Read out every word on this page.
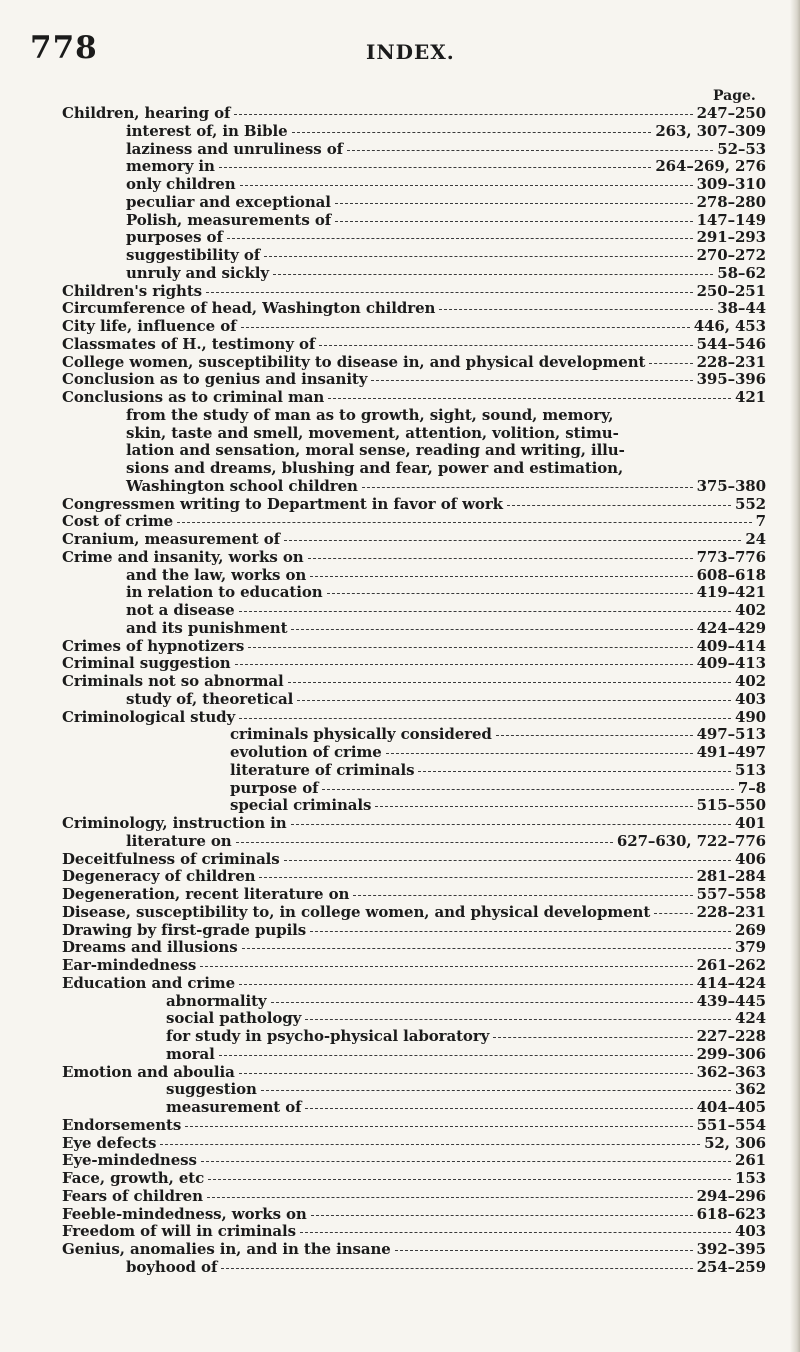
778	INDEX.
Page.
Children, hearing of	247–250
interest of, in Bible	263, 307–309
laziness and unruliness of	52–53
memory in	264–269, 276
only children	309–310
peculiar and exceptional	278–280
Polish, measurements of	147–149
purposes of	291–293
suggestibility of	270–272
unruly and sickly	58–62
Children's rights	250–251
Circumference of head, Washington children	38–44
City life, influence of	446, 453
Classmates of H., testimony of	544–546
College women, susceptibility to disease in, and physical development	228–231
Conclusion as to genius and insanity	395–396
Conclusions as to criminal man	421
from the study of man as to growth, sight, sound, memory,
skin, taste and smell, movement, attention, volition, stimu-
lation and sensation, moral sense, reading and writing, illu-
sions and dreams, blushing and fear, power and estimation,
Washington school children	375–380
Congressmen writing to Department in favor of work	552
Cost of crime	7
Cranium, measurement of	24
Crime and insanity, works on	773–776
and the law, works on	608–618
in relation to education	419–421
not a disease	402
and its punishment	424–429
Crimes of hypnotizers	409–414
Criminal suggestion	409–413
Criminals not so abnormal	402
study of, theoretical	403
Criminological study	490
criminals physically considered	497–513
evolution of crime	491–497
literature of criminals	513
purpose of	7–8
special criminals	515–550
Criminology, instruction in	401
literature on	627–630, 722–776
Deceitfulness of criminals	406
Degeneracy of children	281–284
Degeneration, recent literature on	557–558
Disease, susceptibility to, in college women, and physical development	228–231
Drawing by first-grade pupils	269
Dreams and illusions	379
Ear-mindedness	261–262
Education and crime	414–424
abnormality	439–445
social pathology	424
for study in psycho-physical laboratory	227–228
moral	299–306
Emotion and aboulia	362–363
suggestion	362
measurement of	404–405
Endorsements	551–554
Eye defects	52, 306
Eye-mindedness	261
Face, growth, etc	153
Fears of children	294–296
Feeble-mindedness, works on	618–623
Freedom of will in criminals	403
Genius, anomalies in, and in the insane	392–395
boyhood of	254–259
